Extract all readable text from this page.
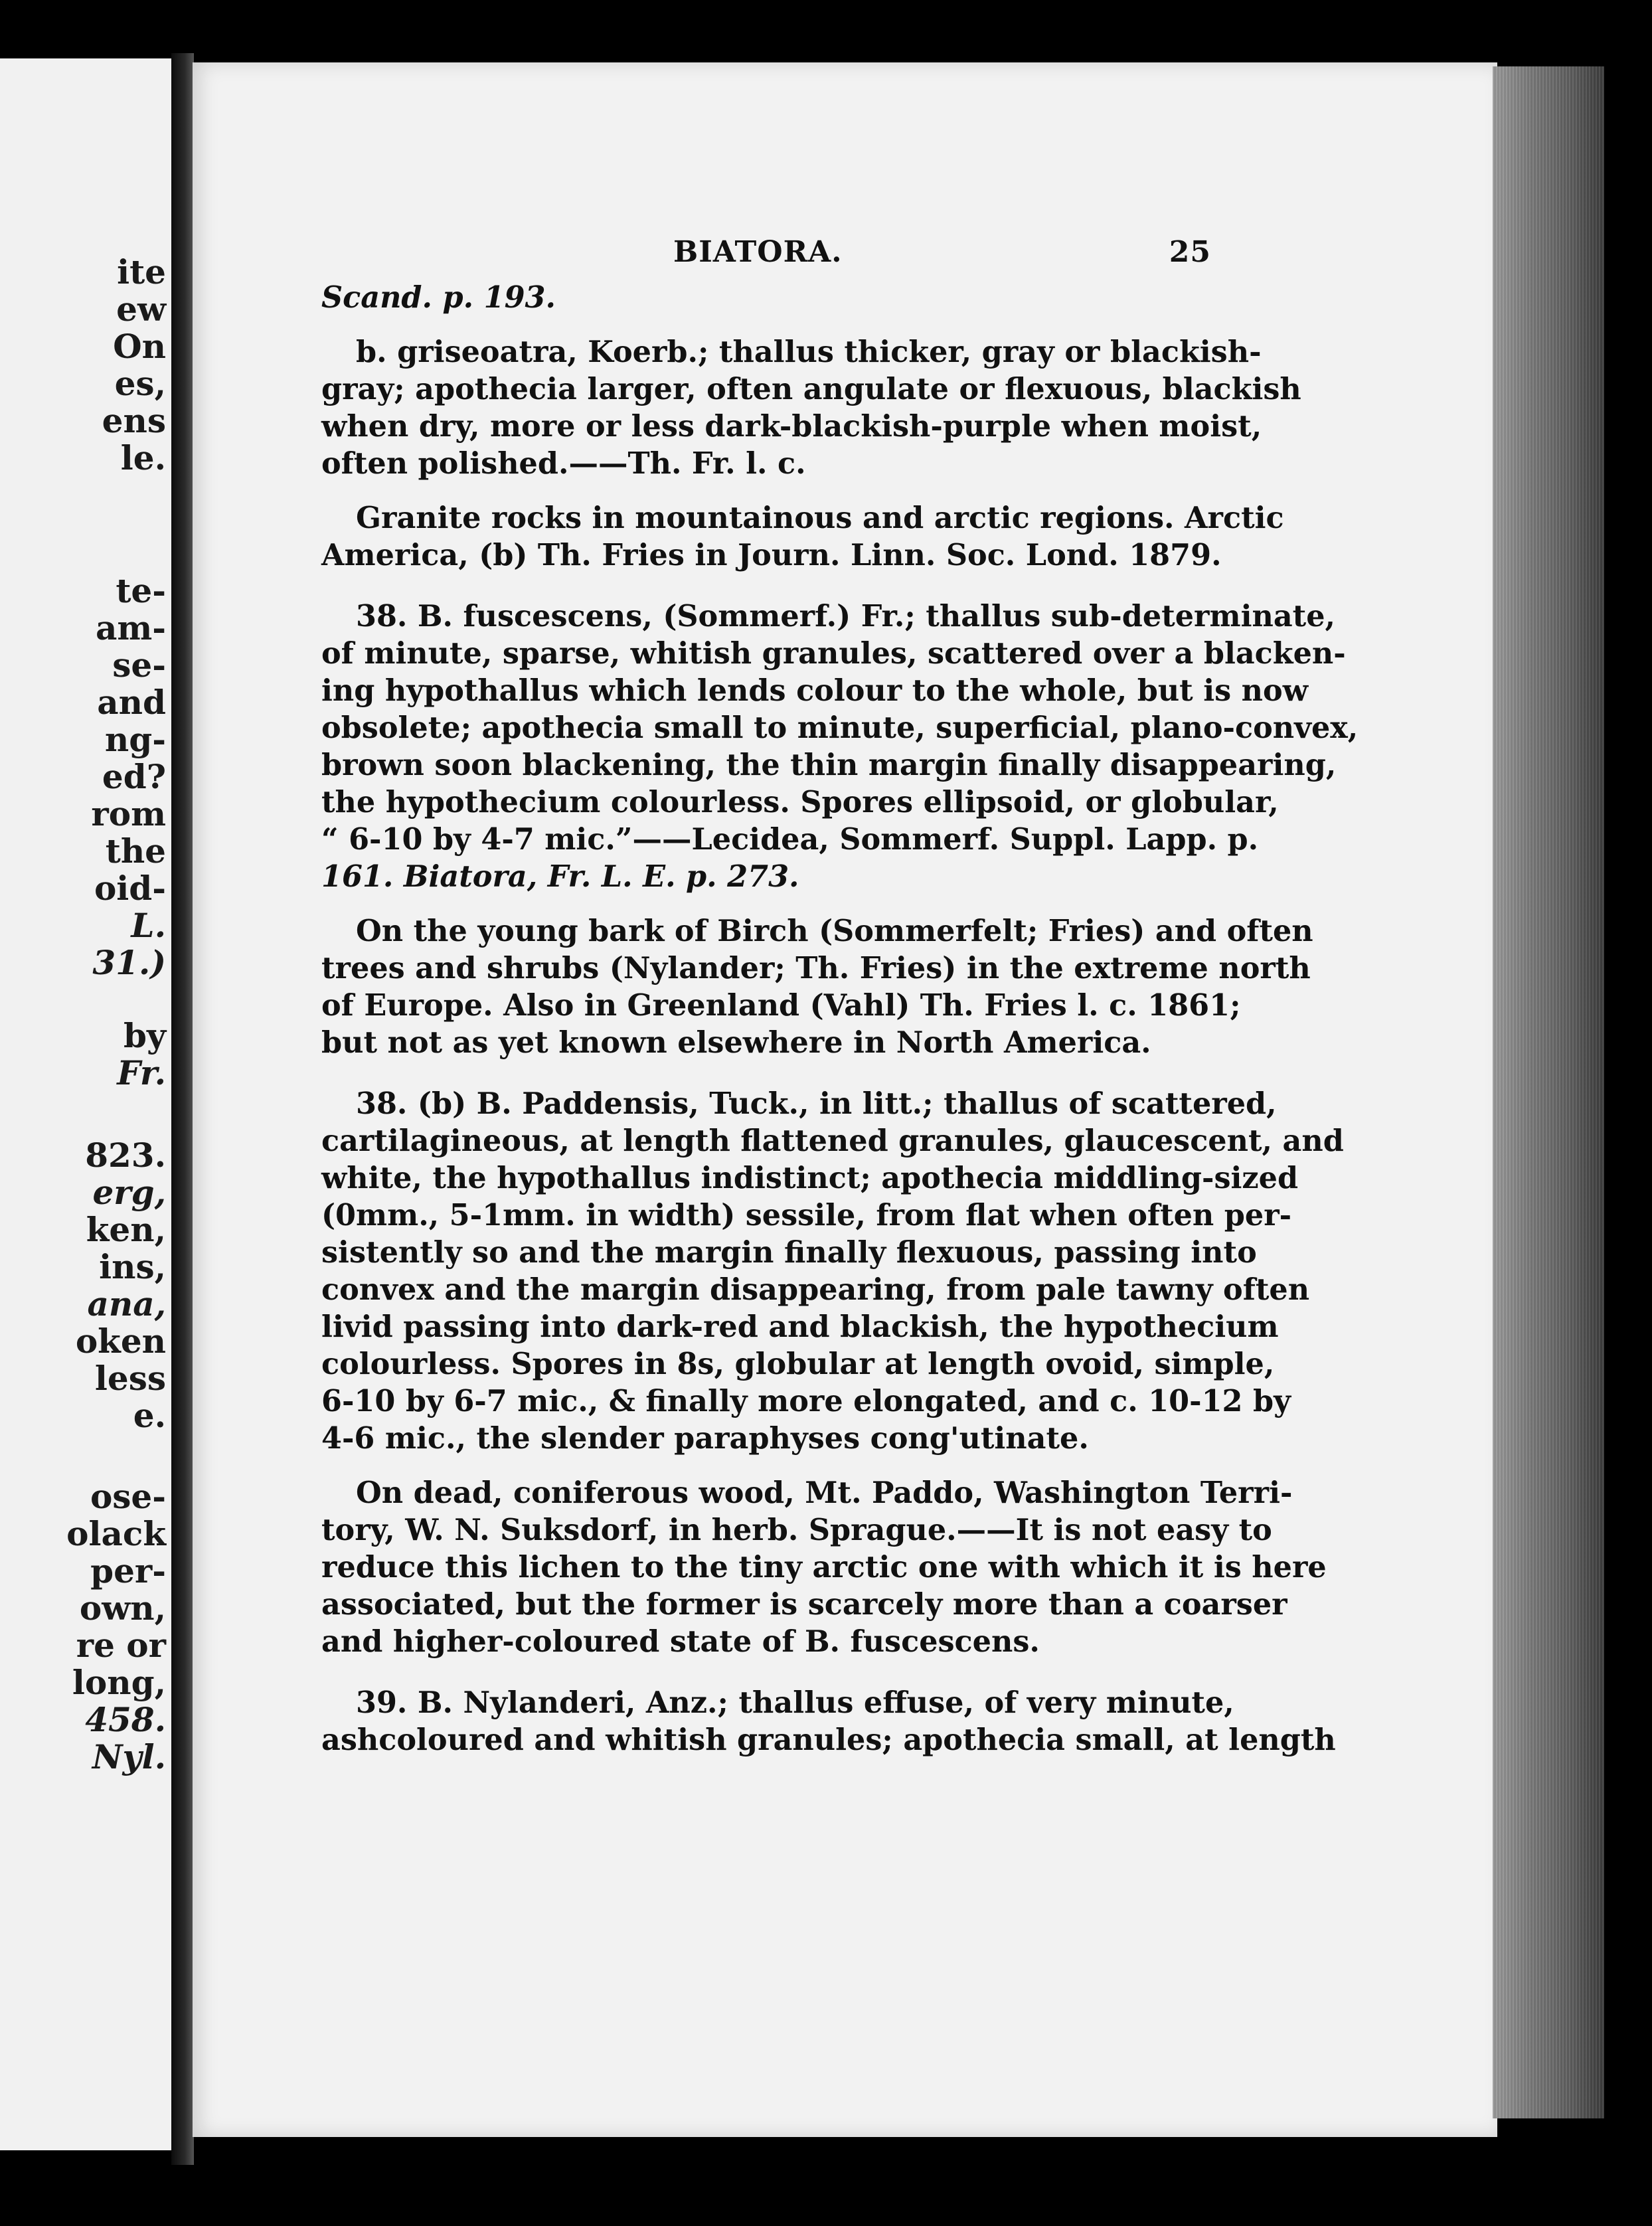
ite
ew
On
es,
ens
le.
te-
am-
se-
and
ng-
ed?
rom
the
oid-
L.
31.)
by
Fr.
823.
erg,
ken,
ins,
ana,
oken
less
e.
ose-
olack
per-
own,
re or
long,
458.
Nyl.
BIATORA.	25
Scand. p. 193.
b. griseoatra, Koerb.; thallus thicker, gray or blackish-
gray; apothecia larger, often angulate or flexuous, blackish
when dry, more or less dark-blackish-purple when moist,
often polished.——Th. Fr. l. c.
Granite rocks in mountainous and arctic regions. Arctic
America, (b) Th. Fries in Journ. Linn. Soc. Lond. 1879.
38. B. fuscescens, (Sommerf.) Fr.; thallus sub-determinate,
of minute, sparse, whitish granules, scattered over a blacken-
ing hypothallus which lends colour to the whole, but is now
obsolete; apothecia small to minute, superficial, plano-convex,
brown soon blackening, the thin margin finally disappearing,
the hypothecium colourless. Spores ellipsoid, or globular,
“ 6-10 by 4-7 mic.”——Lecidea, Sommerf. Suppl. Lapp. p.
161. Biatora, Fr. L. E. p. 273.
On the young bark of Birch (Sommerfelt; Fries) and often
trees and shrubs (Nylander; Th. Fries) in the extreme north
of Europe. Also in Greenland (Vahl) Th. Fries l. c. 1861;
but not as yet known elsewhere in North America.
38. (b) B. Paddensis, Tuck., in litt.; thallus of scattered,
cartilagineous, at length flattened granules, glaucescent, and
white, the hypothallus indistinct; apothecia middling-sized
(0mm., 5-1mm. in width) sessile, from flat when often per-
sistently so and the margin finally flexuous, passing into
convex and the margin disappearing, from pale tawny often
livid passing into dark-red and blackish, the hypothecium
colourless. Spores in 8s, globular at length ovoid, simple,
6-10 by 6-7 mic., & finally more elongated, and c. 10-12 by
4-6 mic., the slender paraphyses cong'utinate.
On dead, coniferous wood, Mt. Paddo, Washington Terri-
tory, W. N. Suksdorf, in herb. Sprague.——It is not easy to
reduce this lichen to the tiny arctic one with which it is here
associated, but the former is scarcely more than a coarser
and higher-coloured state of B. fuscescens.
39. B. Nylanderi, Anz.; thallus effuse, of very minute,
ashcoloured and whitish granules; apothecia small, at length
